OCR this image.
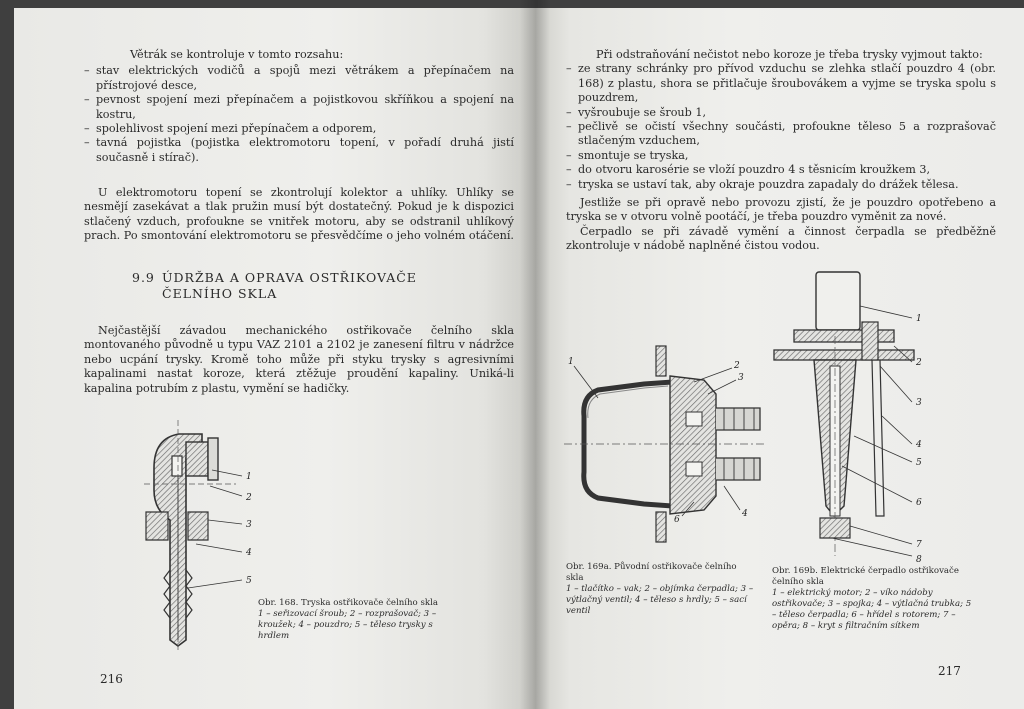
Větrák se kontroluje v tomto rozsahu:

– stav elektrických vodičů a spojů mezi větrákem a přepínačem na přístrojové desce,
– pevnost spojení mezi přepínačem a pojistkovou skříňkou a spojení na kostru,
– spolehlivost spojení mezi přepínačem a odporem,
– tavná pojistka (pojistka elektromotoru topení, v pořadí druhá jistí současně i stírač).

U elektromotoru topení se zkontrolují kolektor a uhlíky. Uhlíky se nesmějí zasekávat a tlak pružin musí být dostatečný. Pokud je k dispozici stlačený vzduch, profoukne se vnitřek motoru, aby se odstranil uhlíkový prach. Po smontování elektromotoru se přesvědčíme o jeho volném otáčení.

9.9 ÚDRŽBA A OPRAVA OSTŘIKOVAČE
ČELNÍHO SKLA

Nejčastější závadou mechanického ostřikovače čelního skla montovaného původně u typu VAZ 2101 a 2102 je zanesení filtru v nádržce nebo ucpání trysky. Kromě toho může při styku trysky s agresivními kapalinami nastat koroze, která ztěžuje proudění kapaliny. Uniká-li kapalina potrubím z plastu, vymění se hadičky.

1
2
3
4
5

Obr. 168. Tryska ostřikovače čelního skla

1 – seřizovací šroub; 2 – rozprašovač; 3 – kroužek; 4 – pouzdro; 5 – těleso trysky s hrdlem

216

Při odstraňování nečistot nebo koroze je třeba trysky vyjmout takto:

– ze strany schránky pro přívod vzduchu se zlehka stlačí pouzdro 4 (obr. 168) z plastu, shora se přitlačuje šroubovákem a vyjme se tryska spolu s pouzdrem,
– vyšroubuje se šroub 1,
– pečlivě se očistí všechny součásti, profoukne těleso 5 a rozprašovač stlačeným vzduchem,
– smontuje se tryska,
– do otvoru karosérie se vloží pouzdro 4 s těsnicím kroužkem 3,
– tryska se ustaví tak, aby okraje pouzdra zapadaly do drážek tělesa.

Jestliže se při opravě nebo provozu zjistí, že je pouzdro opotřebeno a tryska se v otvoru volně pootáčí, je třeba pouzdro vyměnit za nové.

Čerpadlo se při závadě vymění a činnost čerpadla se předběžně zkontroluje v nádobě naplněné čistou vodou.

1	2
3
4
6

Obr. 169a. Původní ostřikovače čelního skla

1 – tlačítko – vak; 2 – objímka čerpadla; 3 – výtlačný ventil; 4 – těleso s hrdly; 5 – sací ventil

1
2
3
4
5
6
7
8

Obr. 169b. Elektrické čerpadlo ostřikovače čelního skla

1 – elektrický motor; 2 – víko nádoby ostřikovače; 3 – spojka; 4 – výtlačná trubka; 5 – těleso čerpadla; 6 – hřídel s rotorem; 7 – opěra; 8 – kryt s filtračním sítkem

217
